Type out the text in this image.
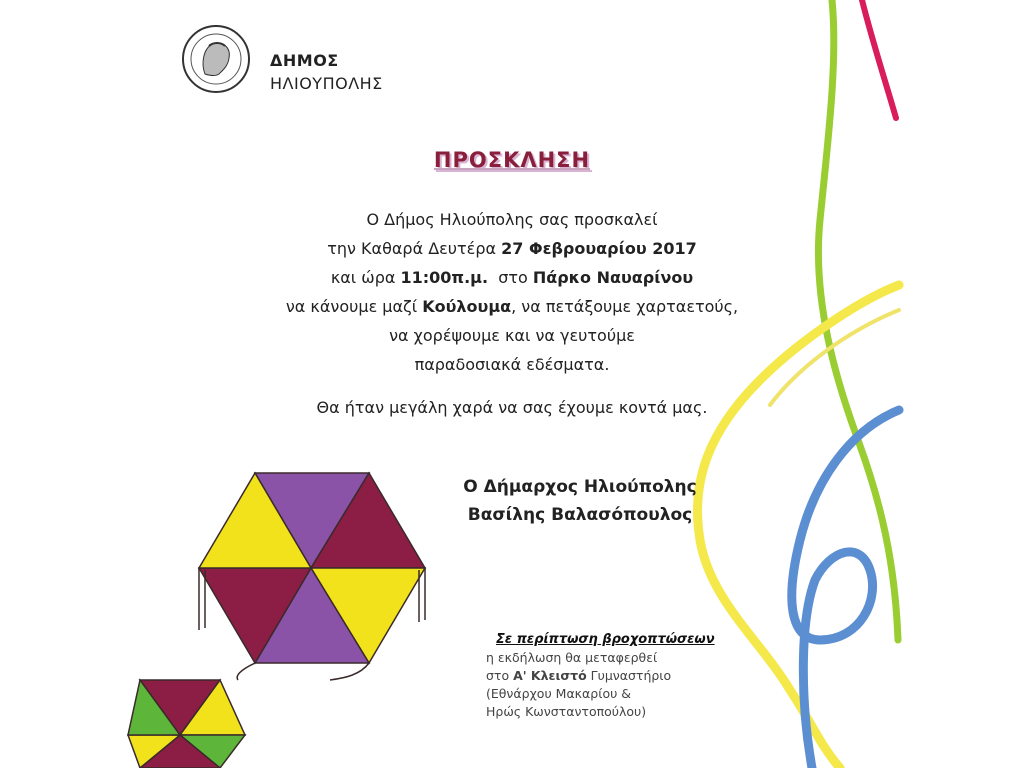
ΔΗΜΟΣ
ΗΛΙΟΥΠΟΛΗΣ
ΠΡΟΣΚΛΗΣΗ
Ο Δήμος Ηλιούπολης σας προσκαλεί
την Καθαρά Δευτέρα 27 Φεβρουαρίου 2017
και ώρα 11:00π.μ.  στο Πάρκο Ναυαρίνου
να κάνουμε μαζί Κούλουμα, να πετάξουμε χαρταετούς,
να χορέψουμε και να γευτούμε
παραδοσιακά εδέσματα.
Θα ήταν μεγάλη χαρά να σας έχουμε κοντά μας.
Ο Δήμαρχος Ηλιούπολης
Βασίλης Βαλασόπουλος
Σε περίπτωση βροχοπτώσεων
η εκδήλωση θα μεταφερθεί
στο Α' Κλειστό Γυμναστήριο
(Εθνάρχου Μακαρίου &
Ηρώς Κωνσταντοπούλου)
